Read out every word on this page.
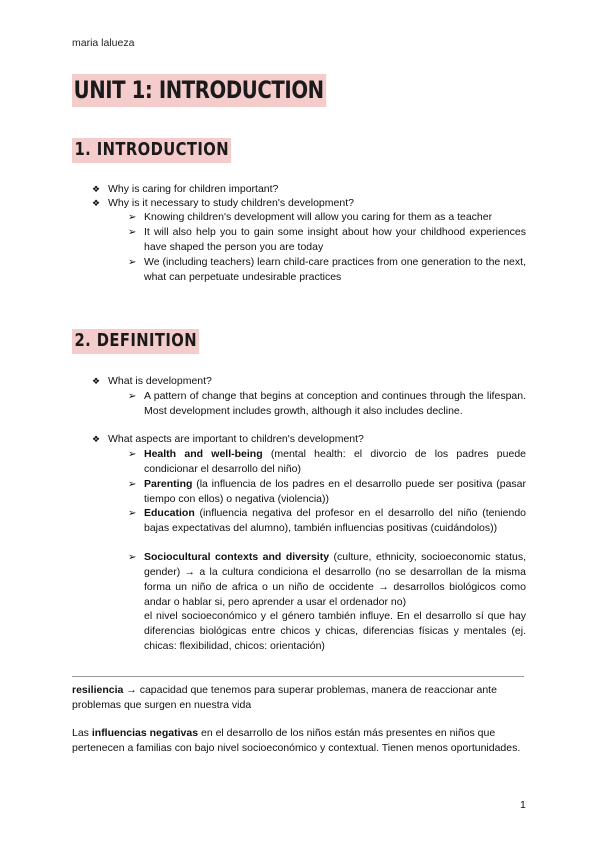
maria lalueza
UNIT 1: INTRODUCTION
1. INTRODUCTION
❖ Why is caring for children important?
❖ Why is it necessary to study children's development?
➢ Knowing children's development will allow you caring for them as a teacher
➢ It will also help you to gain some insight about how your childhood experiences have shaped the person you are today
➢ We (including teachers) learn child-care practices from one generation to the next, what can perpetuate undesirable practices
2. DEFINITION
❖ What is development?
➢ A pattern of change that begins at conception and continues through the lifespan. Most development includes growth, although it also includes decline.
❖ What aspects are important to children's development?
➢ Health and well-being (mental health: el divorcio de los padres puede condicionar el desarrollo del niño)
➢ Parenting (la influencia de los padres en el desarrollo puede ser positiva (pasar tiempo con ellos) o negativa (violencia))
➢ Education (influencia negativa del profesor en el desarrollo del niño (teniendo bajas expectativas del alumno), también influencias positivas (cuidándolos))
➢ Sociocultural contexts and diversity (culture, ethnicity, socioeconomic status, gender) → a la cultura condiciona el desarrollo (no se desarrollan de la misma forma un niño de africa o un niño de occidente → desarrollos biológicos como andar o hablar si, pero aprender a usar el ordenador no)
el nivel socioeconómico y el género también influye. En el desarrollo sí que hay diferencias biológicas entre chicos y chicas, diferencias físicas y mentales (ej. chicas: flexibilidad, chicos: orientación)
resiliencia → capacidad que tenemos para superar problemas, manera de reaccionar ante problemas que surgen en nuestra vida
Las influencias negativas en el desarrollo de los niños están más presentes en niños que pertenecen a familias con bajo nivel socioeconómico y contextual. Tienen menos oportunidades.
1
